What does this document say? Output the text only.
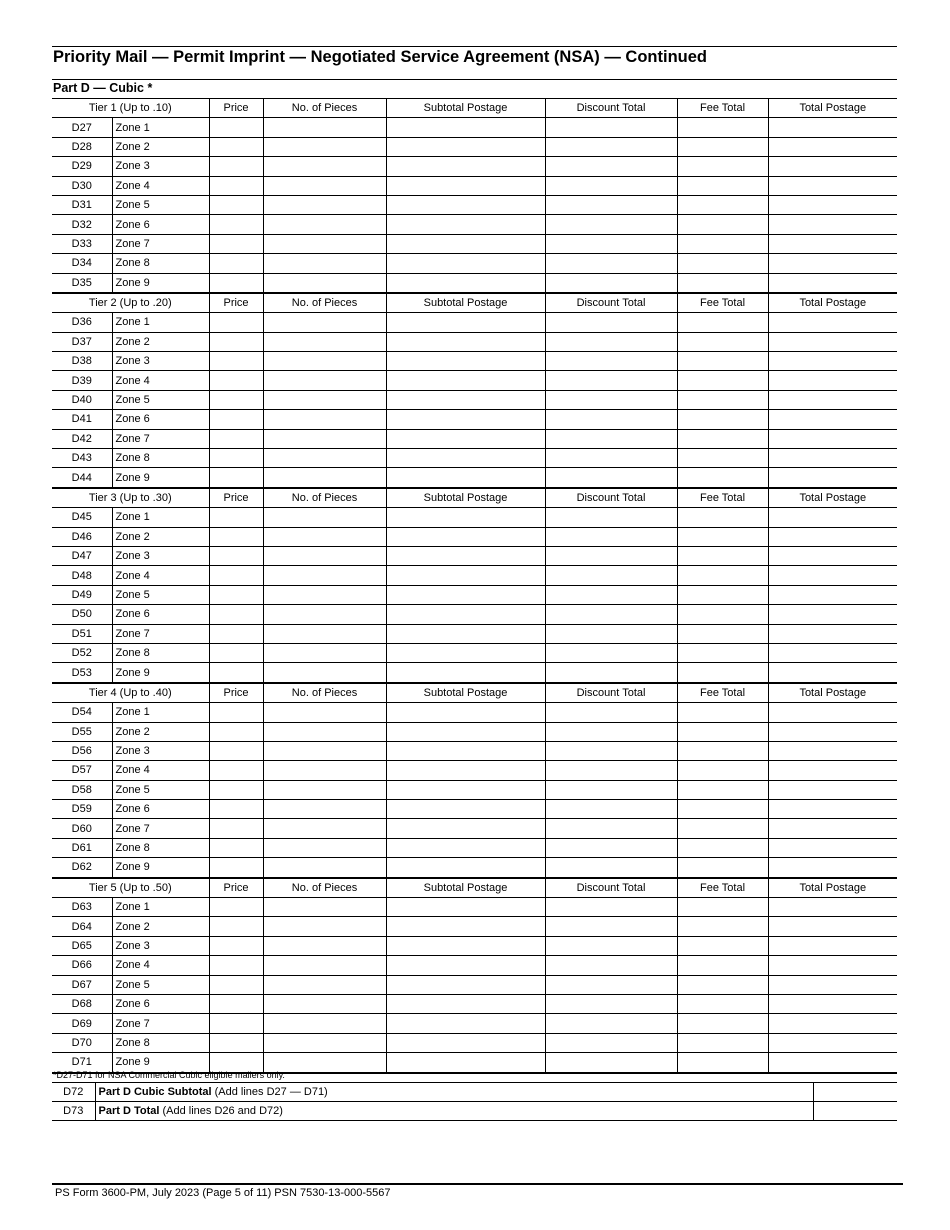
Priority Mail — Permit Imprint — Negotiated Service Agreement (NSA) — Continued
Part D — Cubic *
Tier 1 (Up to .10)		Price	No. of Pieces	Subtotal Postage	Discount Total	Fee Total	Total Postage
D27	Zone 1						
D28	Zone 2						
D29	Zone 3						
D30	Zone 4						
D31	Zone 5						
D32	Zone 6						
D33	Zone 7						
D34	Zone 8						
D35	Zone 9						
Tier 2 (Up to .20)		Price	No. of Pieces	Subtotal Postage	Discount Total	Fee Total	Total Postage
D36	Zone 1						
D37	Zone 2						
D38	Zone 3						
D39	Zone 4						
D40	Zone 5						
D41	Zone 6						
D42	Zone 7						
D43	Zone 8						
D44	Zone 9						
Tier 3 (Up to .30)		Price	No. of Pieces	Subtotal Postage	Discount Total	Fee Total	Total Postage
D45	Zone 1						
D46	Zone 2						
D47	Zone 3						
D48	Zone 4						
D49	Zone 5						
D50	Zone 6						
D51	Zone 7						
D52	Zone 8						
D53	Zone 9						
Tier 4 (Up to .40)		Price	No. of Pieces	Subtotal Postage	Discount Total	Fee Total	Total Postage
D54	Zone 1						
D55	Zone 2						
D56	Zone 3						
D57	Zone 4						
D58	Zone 5						
D59	Zone 6						
D60	Zone 7						
D61	Zone 8						
D62	Zone 9						
Tier 5 (Up to .50)		Price	No. of Pieces	Subtotal Postage	Discount Total	Fee Total	Total Postage
D63	Zone 1						
D64	Zone 2						
D65	Zone 3						
D66	Zone 4						
D67	Zone 5						
D68	Zone 6						
D69	Zone 7						
D70	Zone 8						
D71	Zone 9						
*D27-D71 for NSA Commercial Cubic eligible mailers only.
D72	Part D Cubic Subtotal (Add lines D27 — D71)	
D73	Part D Total (Add lines D26 and D72)	
PS Form 3600-PM, July 2023 (Page 5 of 11) PSN 7530-13-000-5567
